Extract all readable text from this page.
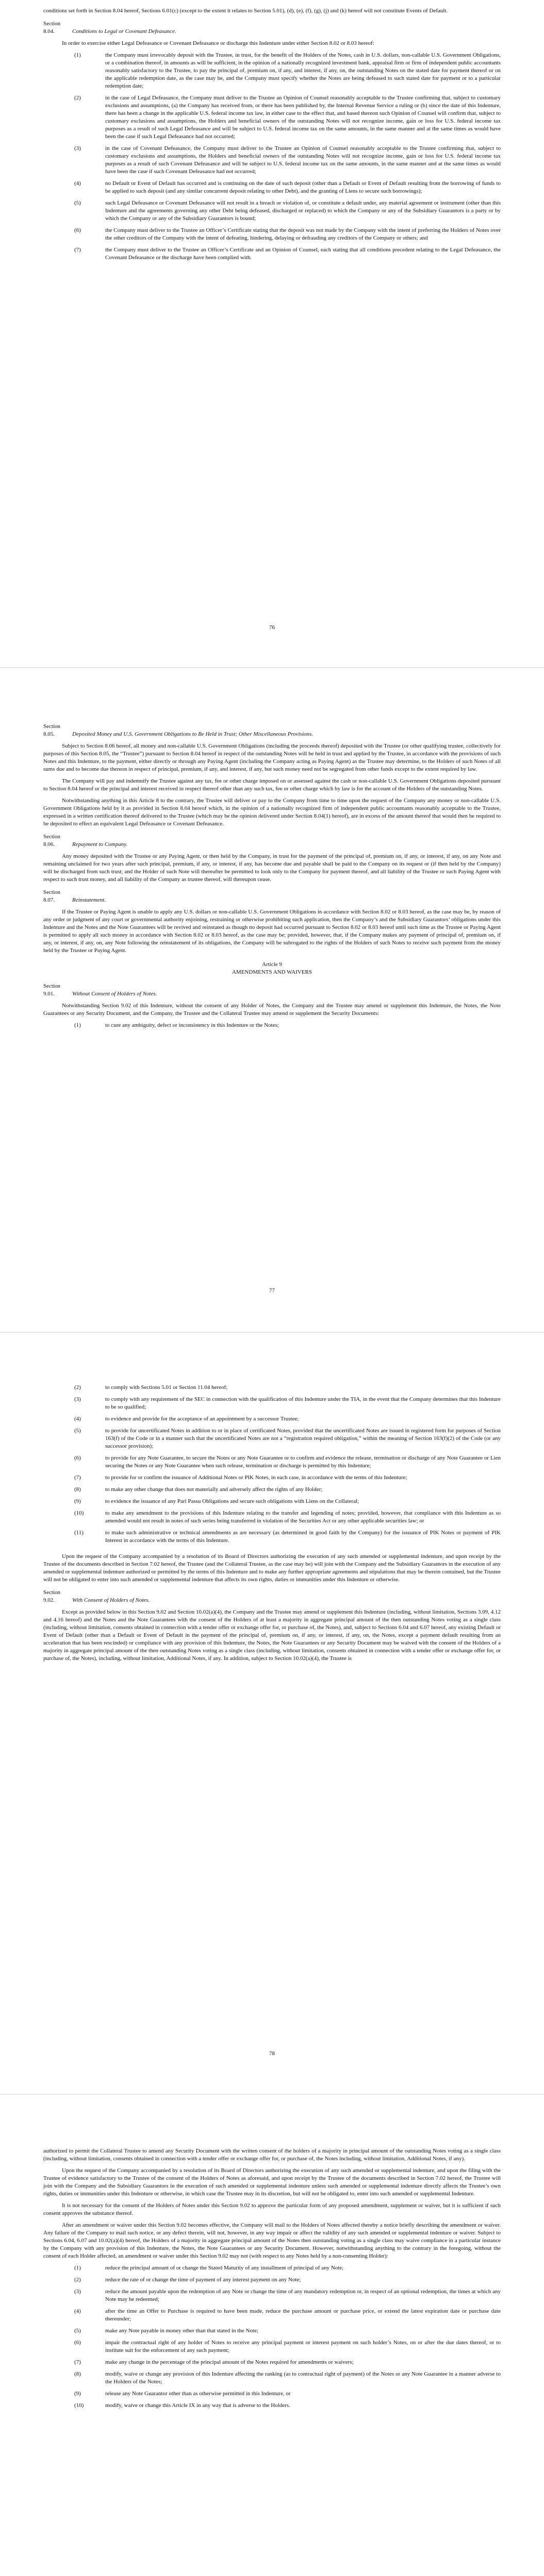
conditions set forth in Section 8.04 hereof, Sections 6.01(c) (except to the extent it relates to Section 5.01), (d), (e), (f), (g), (j) and (k) hereof will not constitute Events of Default.

Section 8.04.	Conditions to Legal or Covenant Defeasance.

In order to exercise either Legal Defeasance or Covenant Defeasance or discharge this Indenture under either Section 8.02 or 8.03 hereof:

(1)	the Company must irrevocably deposit with the Trustee, in trust, for the benefit of the Holders of the Notes, cash in U.S. dollars, non-callable U.S. Government Obligations, or a combination thereof, in amounts as will be sufficient, in the opinion of a nationally recognized investment bank, appraisal firm or firm of independent public accountants reasonably satisfactory to the Trustee, to pay the principal of, premium on, if any, and interest, if any, on, the outstanding Notes on the stated date for payment thereof or on the applicable redemption date, as the case may be, and the Company must specify whether the Notes are being defeased to such stated date for payment or to a particular redemption date;
(2)	in the case of Legal Defeasance, the Company must deliver to the Trustee an Opinion of Counsel reasonably acceptable to the Trustee confirming that, subject to customary exclusions and assumptions, (a) the Company has received from, or there has been published by, the Internal Revenue Service a ruling or (b) since the date of this Indenture, there has been a change in the applicable U.S. federal income tax law, in either case to the effect that, and based thereon such Opinion of Counsel will confirm that, subject to customary exclusions and assumptions, the Holders and beneficial owners of the outstanding Notes will not recognize income, gain or loss for U.S. federal income tax purposes as a result of such Legal Defeasance and will be subject to U.S. federal income tax on the same amounts, in the same manner and at the same times as would have been the case if such Legal Defeasance had not occurred;
(3)	in the case of Covenant Defeasance, the Company must deliver to the Trustee an Opinion of Counsel reasonably acceptable to the Trustee confirming that, subject to customary exclusions and assumptions, the Holders and beneficial owners of the outstanding Notes will not recognize income, gain or loss for U.S. federal income tax purposes as a result of such Covenant Defeasance and will be subject to U.S. federal income tax on the same amounts, in the same manner and at the same times as would have been the case if such Covenant Defeasance had not occurred;
(4)	no Default or Event of Default has occurred and is continuing on the date of such deposit (other than a Default or Event of Default resulting from the borrowing of funds to be applied to such deposit (and any similar concurrent deposit relating to other Debt), and the granting of Liens to secure such borrowings);
(5)	such Legal Defeasance or Covenant Defeasance will not result in a breach or violation of, or constitute a default under, any material agreement or instrument (other than this Indenture and the agreements governing any other Debt being defeased, discharged or replaced) to which the Company or any of the Subsidiary Guarantors is a party or by which the Company or any of the Subsidiary Guarantors is bound;
(6)	the Company must deliver to the Trustee an Officer’s Certificate stating that the deposit was not made by the Company with the intent of preferring the Holders of Notes over the other creditors of the Company with the intent of defeating, hindering, delaying or defrauding any creditors of the Company or others; and
(7)	the Company must deliver to the Trustee an Officer’s Certificate and an Opinion of Counsel, each stating that all conditions precedent relating to the Legal Defeasance, the Covenant Defeasance or the discharge have been complied with.
76
Section 8.05.	Deposited Money and U.S. Government Obligations to Be Held in Trust; Other Miscellaneous Provisions.

Subject to Section 8.06 hereof, all money and non-callable U.S. Government Obligations (including the proceeds thereof) deposited with the Trustee (or other qualifying trustee, collectively for purposes of this Section 8.05, the “Trustee”) pursuant to Section 8.04 hereof in respect of the outstanding Notes will be held in trust and applied by the Trustee, in accordance with the provisions of such Notes and this Indenture, to the payment, either directly or through any Paying Agent (including the Company acting as Paying Agent) as the Trustee may determine, to the Holders of such Notes of all sums due and to become due thereon in respect of principal, premium, if any, and interest, if any, but such money need not be segregated from other funds except to the extent required by law.

The Company will pay and indemnify the Trustee against any tax, fee or other charge imposed on or assessed against the cash or non-callable U.S. Government Obligations deposited pursuant to Section 8.04 hereof or the principal and interest received in respect thereof other than any such tax, fee or other charge which by law is for the account of the Holders of the outstanding Notes.

Notwithstanding anything in this Article 8 to the contrary, the Trustee will deliver or pay to the Company from time to time upon the request of the Company any money or non-callable U.S. Government Obligations held by it as provided in Section 8.04 hereof which, in the opinion of a nationally recognized firm of independent public accountants reasonably acceptable to the Trustee, expressed in a written certification thereof delivered to the Trustee (which may be the opinion delivered under Section 8.04(1) hereof), are in excess of the amount thereof that would then be required to be deposited to effect an equivalent Legal Defeasance or Covenant Defeasance.

Section 8.06.	Repayment to Company.

Any money deposited with the Trustee or any Paying Agent, or then held by the Company, in trust for the payment of the principal of, premium on, if any, or interest, if any, on any Note and remaining unclaimed for two years after such principal, premium, if any, or interest, if any, has become due and payable shall be paid to the Company on its request or (if then held by the Company) will be discharged from such trust; and the Holder of such Note will thereafter be permitted to look only to the Company for payment thereof, and all liability of the Trustee or such Paying Agent with respect to such trust money, and all liability of the Company as trustee thereof, will thereupon cease.

Section 8.07.	Reinstatement.

If the Trustee or Paying Agent is unable to apply any U.S. dollars or non-callable U.S. Government Obligations in accordance with Section 8.02 or 8.03 hereof, as the case may be, by reason of any order or judgment of any court or governmental authority enjoining, restraining or otherwise prohibiting such application, then the Company’s and the Subsidiary Guarantors’ obligations under this Indenture and the Notes and the Note Guarantees will be revived and reinstated as though no deposit had occurred pursuant to Section 8.02 or 8.03 hereof until such time as the Trustee or Paying Agent is permitted to apply all such money in accordance with Section 8.02 or 8.03 hereof, as the case may be; provided, however, that, if the Company makes any payment of principal of, premium on, if any, or interest, if any, on, any Note following the reinstatement of its obligations, the Company will be subrogated to the rights of the Holders of such Notes to receive such payment from the money held by the Trustee or Paying Agent.

Article 9
AMENDMENTS AND WAIVERS
Section 9.01.	Without Consent of Holders of Notes.

Notwithstanding Section 9.02 of this Indenture, without the consent of any Holder of Notes, the Company and the Trustee may amend or supplement this Indenture, the Notes, the Note Guarantees or any Security Document, and the Company, the Trustee and the Collateral Trustee may amend or supplement the Security Documents:

(1)	to cure any ambiguity, defect or inconsistency in this Indenture or the Notes;
77
(2)	to comply with Sections 5.01 or Section 11.04 hereof;
(3)	to comply with any requirement of the SEC in connection with the qualification of this Indenture under the TIA, in the event that the Company determines that this Indenture to be so qualified;
(4)	to evidence and provide for the acceptance of an appointment by a successor Trustee;
(5)	to provide for uncertificated Notes in addition to or in place of certificated Notes, provided that the uncertificated Notes are issued in registered form for purposes of Section 163(f) of the Code or in a manner such that the uncertificated Notes are not a “registration required obligation,” within the meaning of Section 163(f)(2) of the Code (or any successor provision);
(6)	to provide for any Note Guarantee, to secure the Notes or any Note Guarantee or to confirm and evidence the release, termination or discharge of any Note Guarantee or Lien securing the Notes or any Note Guarantee when such release, termination or discharge is permitted by this Indenture;
(7)	to provide for or confirm the issuance of Additional Notes or PIK Notes, in each case, in accordance with the terms of this Indenture;
(8)	to make any other change that does not materially and adversely affect the rights of any Holder;
(9)	to evidence the issuance of any Pari Passu Obligations and secure such obligations with Liens on the Collateral;
(10)	to make any amendment to the provisions of this Indenture relating to the transfer and legending of notes; provided, however, that compliance with this Indenture as so amended would not result in notes of such series being transferred in violation of the Securities Act or any other applicable securities law; or
(11)	to make such administrative or technical amendments as are necessary (as determined in good faith by the Company) for the issuance of PIK Notes or payment of PIK Interest in accordance with the terms of this Indenture.

Upon the request of the Company accompanied by a resolution of its Board of Directors authorizing the execution of any such amended or supplemental indenture, and upon receipt by the Trustee of the documents described in Section 7.02 hereof, the Trustee (and the Collateral Trustee, as the case may be) will join with the Company and the Subsidiary Guarantors in the execution of any amended or supplemental indenture authorized or permitted by the terms of this Indenture and to make any further appropriate agreements and stipulations that may be therein contained, but the Trustee will not be obligated to enter into such amended or supplemental indenture that affects its own rights, duties or immunities under this Indenture or otherwise.

Section 9.02.	With Consent of Holders of Notes.

Except as provided below in this Section 9.02 and Section 10.02(a)(4), the Company and the Trustee may amend or supplement this Indenture (including, without limitation, Sections 3.09, 4.12 and 4.16 hereof) and the Notes and the Note Guarantees with the consent of the Holders of at least a majority in aggregate principal amount of the then outstanding Notes voting as a single class (including, without limitation, consents obtained in connection with a tender offer or exchange offer for, or purchase of, the Notes), and, subject to Sections 6.04 and 6.07 hereof, any existing Default or Event of Default (other than a Default or Event of Default in the payment of the principal of, premium on, if any, or interest, if any, on, the Notes, except a payment default resulting from an acceleration that has been rescinded) or compliance with any provision of this Indenture, the Notes, the Note Guarantees or any Security Document may be waived with the consent of the Holders of a majority in aggregate principal amount of the then outstanding Notes voting as a single class (including, without limitation, consents obtained in connection with a tender offer or exchange offer for, or purchase of, the Notes), including, without limitation, Additional Notes, if any. In addition, subject to Section 10.02(a)(4), the Trustee is

78

authorized to permit the Collateral Trustee to amend any Security Document with the written consent of the holders of a majority in principal amount of the outstanding Notes voting as a single class (including, without limitation, consents obtained in connection with a tender offer or exchange offer for, or purchase of, the Notes including, without limitation, Additional Notes, if any).

Upon the request of the Company accompanied by a resolution of its Board of Directors authorizing the execution of any such amended or supplemental indenture, and upon the filing with the Trustee of evidence satisfactory to the Trustee of the consent of the Holders of Notes as aforesaid, and upon receipt by the Trustee of the documents described in Section 7.02 hereof, the Trustee will join with the Company and the Subsidiary Guarantors in the execution of such amended or supplemental indenture unless such amended or supplemental indenture directly affects the Trustee’s own rights, duties or immunities under this Indenture or otherwise, in which case the Trustee may in its discretion, but will not be obligated to, enter into such amended or supplemental Indenture.

It is not necessary for the consent of the Holders of Notes under this Section 9.02 to approve the particular form of any proposed amendment, supplement or waiver, but it is sufficient if such consent approves the substance thereof.

After an amendment or waiver under this Section 9.02 becomes effective, the Company will mail to the Holders of Notes affected thereby a notice briefly describing the amendment or waiver. Any failure of the Company to mail such notice, or any defect therein, will not, however, in any way impair or affect the validity of any such amended or supplemental indenture or waiver. Subject to Sections 6.04, 6.07 and 10.02(a)(4) hereof, the Holders of a majority in aggregate principal amount of the Notes then outstanding voting as a single class may waive compliance in a particular instance by the Company with any provision of this Indenture, the Notes, the Note Guarantees or any Security Document. However, notwithstanding anything to the contrary in the foregoing, without the consent of each Holder affected, an amendment or waiver under this Section 9.02 may not (with respect to any Notes held by a non-consenting Holder):

(1)	reduce the principal amount of or change the Stated Maturity of any installment of principal of any Note;
(2)	reduce the rate of or change the time of payment of any interest payment on any Note;
(3)	reduce the amount payable upon the redemption of any Note or change the time of any mandatory redemption or, in respect of an optional redemption, the times at which any Note may be redeemed;
(4)	after the time an Offer to Purchase is required to have been made, reduce the purchase amount or purchase price, or extend the latest expiration date or purchase date thereunder;
(5)	make any Note payable in money other than that stated in the Note;
(6)	impair the contractual right of any holder of Notes to receive any principal payment or interest payment on such holder’s Notes, on or after the due dates thereof, or to institute suit for the enforcement of any such payment;
(7)	make any change in the percentage of the principal amount of the Notes required for amendments or waivers;
(8)	modify, waive or change any provision of this Indenture affecting the ranking (as to contractual right of payment) of the Notes or any Note Guarantee in a manner adverse to the Holders of the Notes;
(9)	release any Note Guarantor other than as otherwise permitted in this Indenture, or
(10)	modify, waive or change this Article IX in any way that is adverse to the Holders.
